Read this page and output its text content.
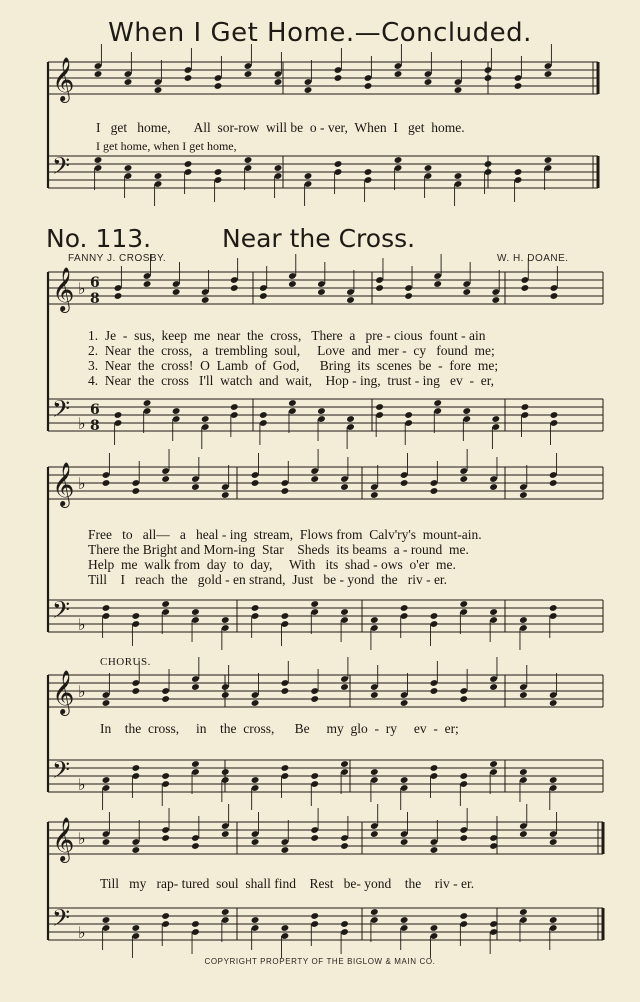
When I Get Home.—Concluded.
No. 113.	Near the Cross.
FANNY J. CROSBY.	W. H. DOANE.
𝄞
𝄢
𝄞 ♭ 6
8
𝄢 ♭
6
8
𝄞 ♭
𝄢 ♭
𝄞 ♭
𝄢 ♭
𝄞 ♭
𝄢 ♭
I   get   home,       All  sor-row  will be  o - ver,  When  I   get  home.
I get home, when I get home,
1.  Je  -  sus,  keep  me  near  the  cross,   There  a   pre - cious  fount - ain
2.  Near  the  cross,   a  trembling  soul,     Love  and  mer -  cy   found  me;
3.  Near  the  cross!  O  Lamb  of  God,      Bring  its  scenes  be  -  fore  me;
4.  Near  the  cross   I'll  watch  and  wait,    Hop - ing,  trust - ing   ev  -  er,
Free   to   all—   a   heal - ing  stream,  Flows from  Calv'ry's  mount-ain.
There the Bright and Morn-ing  Star    Sheds  its beams  a - round  me.
Help  me  walk from  day  to  day,     With   its  shad - ows  o'er  me.
Till    I   reach  the   gold - en strand,  Just   be - yond  the   riv - er.
CHORUS.
In    the  cross,     in    the  cross,      Be     my  glo  -  ry     ev  -  er;
Till   my   rap- tured  soul  shall find    Rest   be- yond    the    riv - er.
COPYRIGHT PROPERTY OF THE BIGLOW & MAIN CO.
